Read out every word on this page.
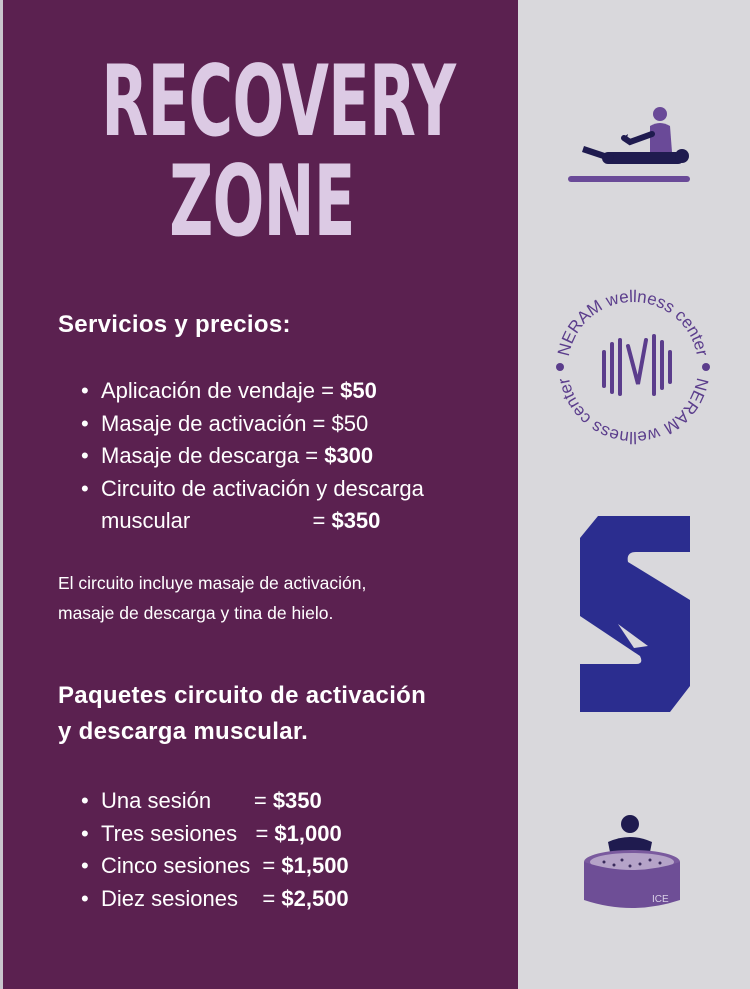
RECOVERY
ZONE
Servicios y precios:
• Aplicación de vendaje = $50
• Masaje de activación = $50
• Masaje de descarga = $300
• Circuito de activación y descarga
muscular                    = $350
El circuito incluye masaje de activación,
masaje de descarga y tina de hielo.
Paquetes circuito de activación
y descarga muscular.
• Una sesión       = $350
• Tres sesiones   = $1,000
• Cinco sesiones  = $1,500
• Diez sesiones    = $2,500
NERAM wellness center
NERAM wellness center
ICE
